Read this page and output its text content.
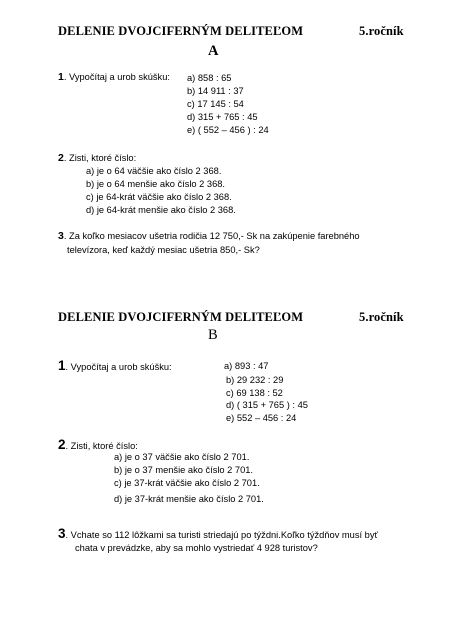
DELENIE DVOJCIFERNÝM DELITEĽOM	5.ročník
A
1. Vypočítaj a urob skúšku: a) 858 : 65
b) 14 911 : 37
c) 17 145 : 54
d) 315 + 765 : 45
e) ( 552 – 456 ) : 24
2. Zisti, ktoré číslo:
a) je o 64 väčšie ako číslo 2 368.
b) je o 64 menšie ako číslo 2 368.
c) je 64-krát väčšie ako číslo 2 368.
d) je 64-krát menšie ako číslo 2 368.
3. Za koľko mesiacov ušetria rodičia 12 750,- Sk na zakúpenie farebného
televízora, keď každý mesiac ušetria 850,- Sk?
DELENIE DVOJCIFERNÝM DELITEĽOM	5.ročník
B
1. Vypočítaj a urob skúšku:	a) 893 : 47
b) 29 232 : 29
c) 69 138 : 52
d) ( 315 + 765 ) : 45
e) 552 – 456 : 24
2. Zisti, ktoré číslo:
a) je o 37 väčšie ako číslo 2 701.
b) je o 37 menšie ako číslo 2 701.
c) je 37-krát väčšie ako číslo 2 701.
d) je 37-krát menšie ako číslo 2 701.
3. Vchate so 112 lôžkami sa turisti striedajú po týždni.Koľko týždňov musí byť
chata v prevádzke, aby sa mohlo vystriedať 4 928 turistov?
